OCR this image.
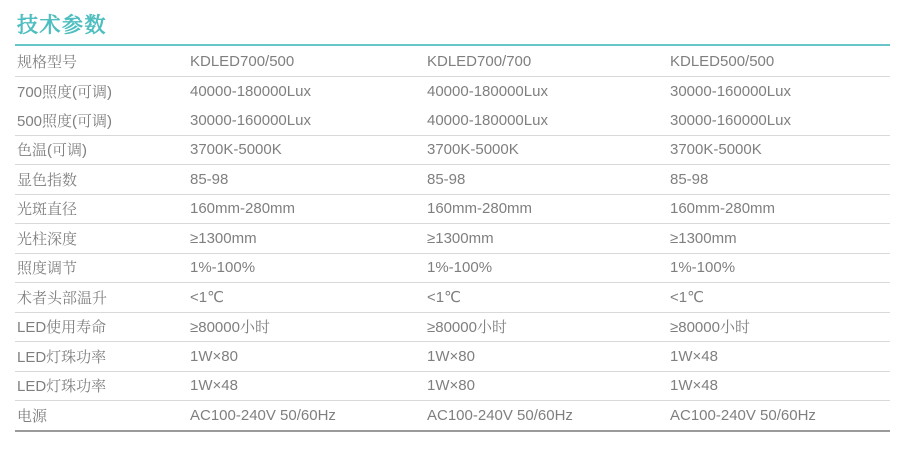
技术参数
规格型号	KDLED700/500	KDLED700/700	KDLED500/500
700照度(可调)	40000-180000Lux	40000-180000Lux	30000-160000Lux
500照度(可调)	30000-160000Lux	40000-180000Lux	30000-160000Lux
色温(可调)	3700K-5000K	3700K-5000K	3700K-5000K
显色指数	85-98	85-98	85-98
光斑直径	160mm-280mm	160mm-280mm	160mm-280mm
光柱深度	≥1300mm	≥1300mm	≥1300mm
照度调节	1%-100%	1%-100%	1%-100%
术者头部温升	<1℃	<1℃	<1℃
LED使用寿命	≥80000小时	≥80000小时	≥80000小时
LED灯珠功率	1W×80	1W×80	1W×48
LED灯珠功率	1W×48	1W×80	1W×48
电源	AC100-240V 50/60Hz	AC100-240V 50/60Hz	AC100-240V 50/60Hz
